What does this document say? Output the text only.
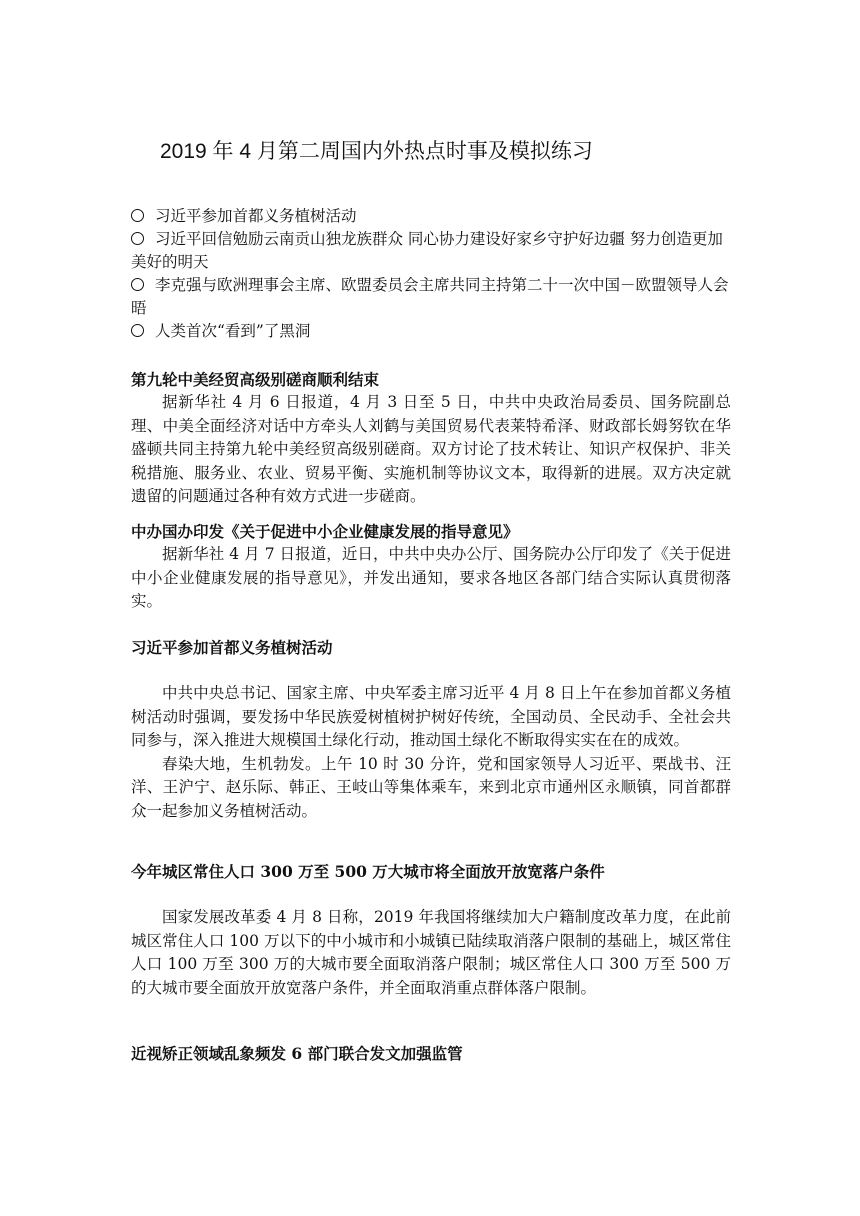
2019 年 4 月第二周国内外热点时事及模拟练习
习近平参加首都义务植树活动
习近平回信勉励云南贡山独龙族群众 同心协力建设好家乡守护好边疆 努力创造更加美好的明天
李克强与欧洲理事会主席、欧盟委员会主席共同主持第二十一次中国－欧盟领导人会晤
人类首次“看到”了黑洞
第九轮中美经贸高级别磋商顺利结束

据新华社 4 月 6 日报道，4 月 3 日至 5 日，中共中央政治局委员、国务院副总理、中美全面经济对话中方牵头人刘鹤与美国贸易代表莱特希泽、财政部长姆努钦在华盛顿共同主持第九轮中美经贸高级别磋商。双方讨论了技术转让、知识产权保护、非关税措施、服务业、农业、贸易平衡、实施机制等协议文本，取得新的进展。双方决定就遗留的问题通过各种有效方式进一步磋商。

中办国办印发《关于促进中小企业健康发展的指导意见》

据新华社 4 月 7 日报道，近日，中共中央办公厅、国务院办公厅印发了《关于促进中小企业健康发展的指导意见》，并发出通知，要求各地区各部门结合实际认真贯彻落实。

习近平参加首都义务植树活动

中共中央总书记、国家主席、中央军委主席习近平 4 月 8 日上午在参加首都义务植树活动时强调，要发扬中华民族爱树植树护树好传统，全国动员、全民动手、全社会共同参与，深入推进大规模国土绿化行动，推动国土绿化不断取得实实在在的成效。

春染大地，生机勃发。上午 10 时 30 分许，党和国家领导人习近平、栗战书、汪洋、王沪宁、赵乐际、韩正、王岐山等集体乘车，来到北京市通州区永顺镇，同首都群众一起参加义务植树活动。

今年城区常住人口 300 万至 500 万大城市将全面放开放宽落户条件

国家发展改革委 4 月 8 日称，2019 年我国将继续加大户籍制度改革力度，在此前城区常住人口 100 万以下的中小城市和小城镇已陆续取消落户限制的基础上，城区常住人口 100 万至 300 万的大城市要全面取消落户限制；城区常住人口 300 万至 500 万的大城市要全面放开放宽落户条件，并全面取消重点群体落户限制。

近视矫正领域乱象频发 6 部门联合发文加强监管
